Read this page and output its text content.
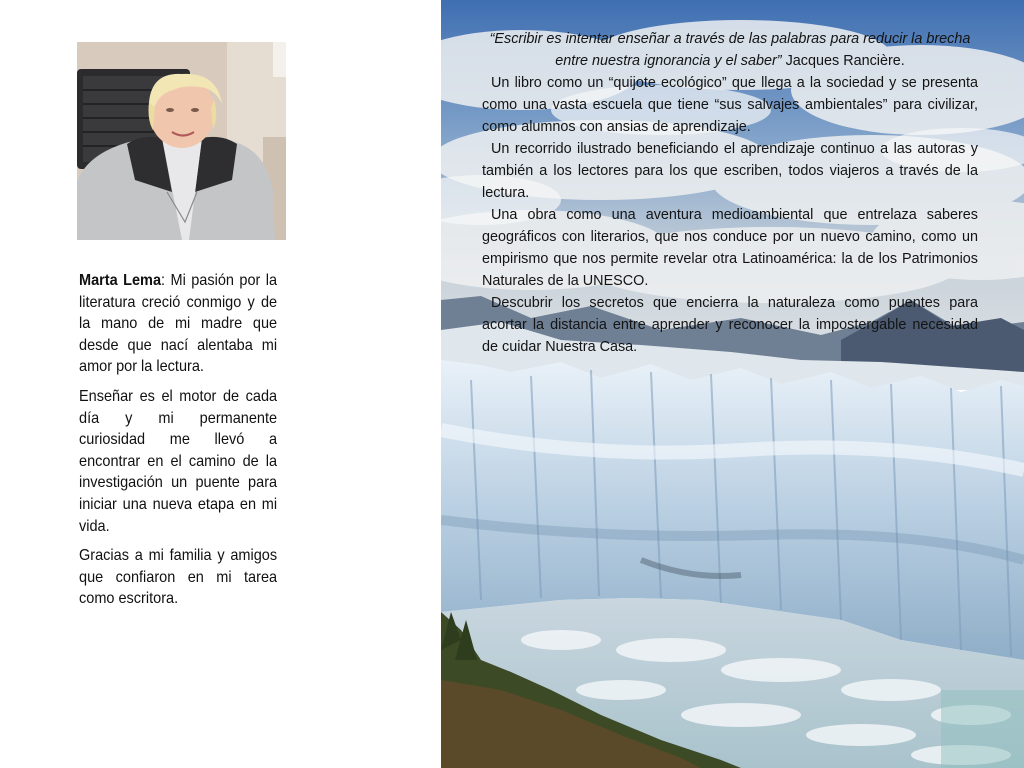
Marta Lema: Mi pasión por la literatura creció conmigo y de la mano de mi madre que desde que nací alentaba mi amor por la lectura.

Enseñar es el motor de cada día y mi permanente curiosidad me llevó a encontrar en el camino de la investigación un puente para iniciar una nueva etapa en mi vida.

Gracias a mi familia y amigos que confiaron en mi tarea como escritora.

“Escribir es intentar enseñar a través de las palabras para reducir la brecha entre nuestra ignorancia y el saber” Jacques Rancière.

Un libro como un “quijote ecológico” que llega a la sociedad y se presenta como una vasta escuela que tiene “sus salvajes ambientales” para civilizar, como alumnos con ansias de aprendizaje.

Un recorrido ilustrado beneficiando el aprendizaje continuo a las autoras y también a los lectores para los que escriben, todos viajeros a través de la lectura.

Una obra como una aventura medioambiental que entrelaza saberes geográficos con literarios, que nos conduce por un nuevo camino, como un empirismo que nos permite revelar otra Latinoamérica: la de los Patrimonios Naturales de la UNESCO.

Descubrir los secretos que encierra la naturaleza como puentes para acortar la distancia entre aprender y reconocer la impostergable necesidad de cuidar Nuestra Casa.
